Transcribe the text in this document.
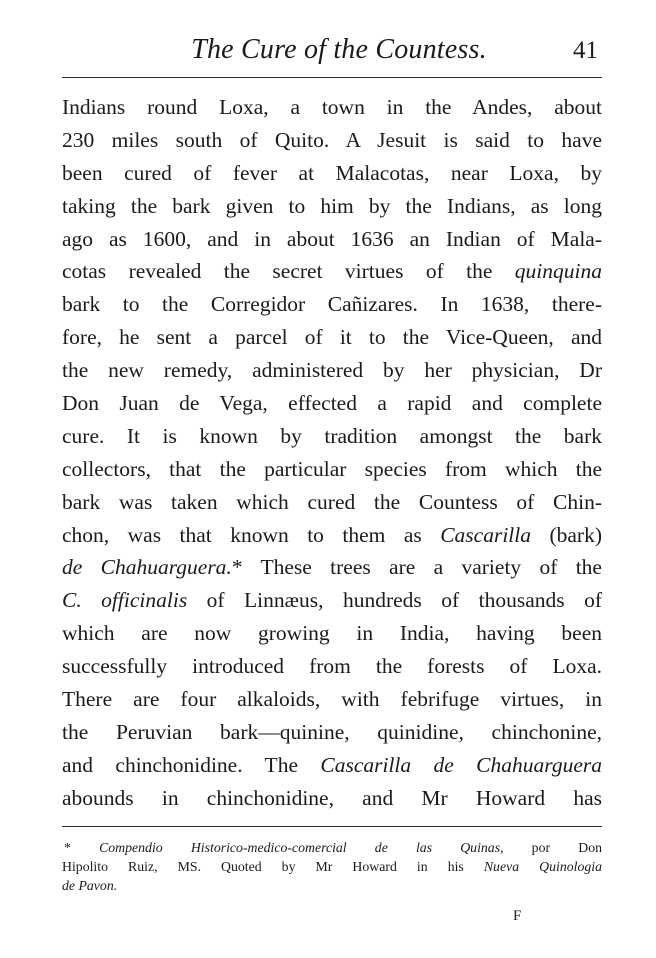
The Cure of the Countess.	41
Indians round Loxa, a town in the Andes, about
230 miles south of Quito. A Jesuit is said to have
been cured of fever at Malacotas, near Loxa, by
taking the bark given to him by the Indians, as long
ago as 1600, and in about 1636 an Indian of Mala-
cotas revealed the secret virtues of the quinquina
bark to the Corregidor Cañizares. In 1638, there-
fore, he sent a parcel of it to the Vice-Queen, and
the new remedy, administered by her physician, Dr
Don Juan de Vega, effected a rapid and complete
cure. It is known by tradition amongst the bark
collectors, that the particular species from which the
bark was taken which cured the Countess of Chin-
chon, was that known to them as Cascarilla (bark)
de Chahuarguera.* These trees are a variety of the
C. officinalis of Linnæus, hundreds of thousands of
which are now growing in India, having been
successfully introduced from the forests of Loxa.
There are four alkaloids, with febrifuge virtues, in
the Peruvian bark—quinine, quinidine, chinchonine,
and chinchonidine. The Cascarilla de Chahuarguera
abounds in chinchonidine, and Mr Howard has
* Compendio Historico-medico-comercial de las Quinas, por Don
Hipolito Ruiz, MS. Quoted by Mr Howard in his Nueva Quinologia
de Pavon.
F
